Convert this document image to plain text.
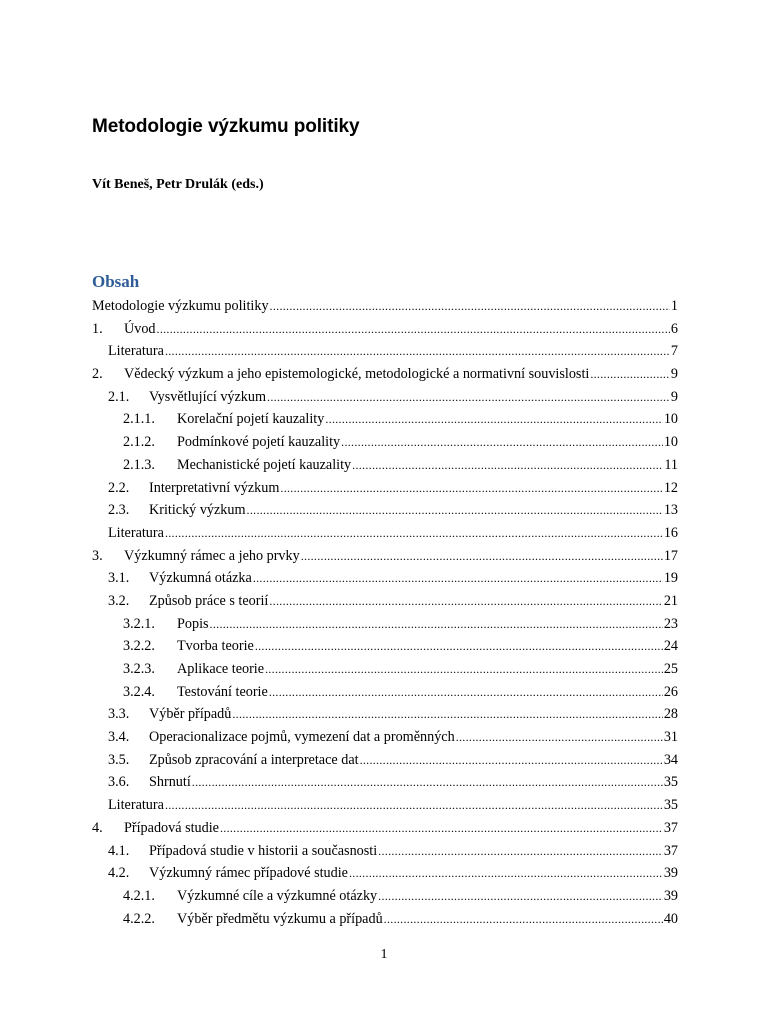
Metodologie výzkumu politiky
Vít Beneš, Petr Drulák (eds.)
Obsah
Metodologie výzkumu politiky .....	1
1.	Úvod .....	6
Literatura .....	7
2.	Vědecký výzkum a jeho epistemologické, metodologické a normativní souvislosti .....	9
2.1.	Vysvětlující výzkum .....	9
2.1.1.	Korelační pojetí kauzality .....	10
2.1.2.	Podmínkové pojetí kauzality .....	10
2.1.3.	Mechanistické pojetí kauzality .....	11
2.2.	Interpretativní výzkum .....	12
2.3.	Kritický výzkum .....	13
Literatura .....	16
3.	Výzkumný rámec a jeho prvky .....	17
3.1.	Výzkumná otázka .....	19
3.2.	Způsob práce s teorií .....	21
3.2.1.	Popis .....	23
3.2.2.	Tvorba teorie .....	24
3.2.3.	Aplikace teorie .....	25
3.2.4.	Testování teorie .....	26
3.3.	Výběr případů .....	28
3.4.	Operacionalizace pojmů, vymezení dat a proměnných .....	31
3.5.	Způsob zpracování a interpretace dat .....	34
3.6.	Shrnutí .....	35
Literatura .....	35
4.	Případová studie .....	37
4.1.	Případová studie v historii a současnosti .....	37
4.2.	Výzkumný rámec případové studie .....	39
4.2.1.	Výzkumné cíle a výzkumné otázky .....	39
4.2.2.	Výběr předmětu výzkumu a případů .....	40
1
